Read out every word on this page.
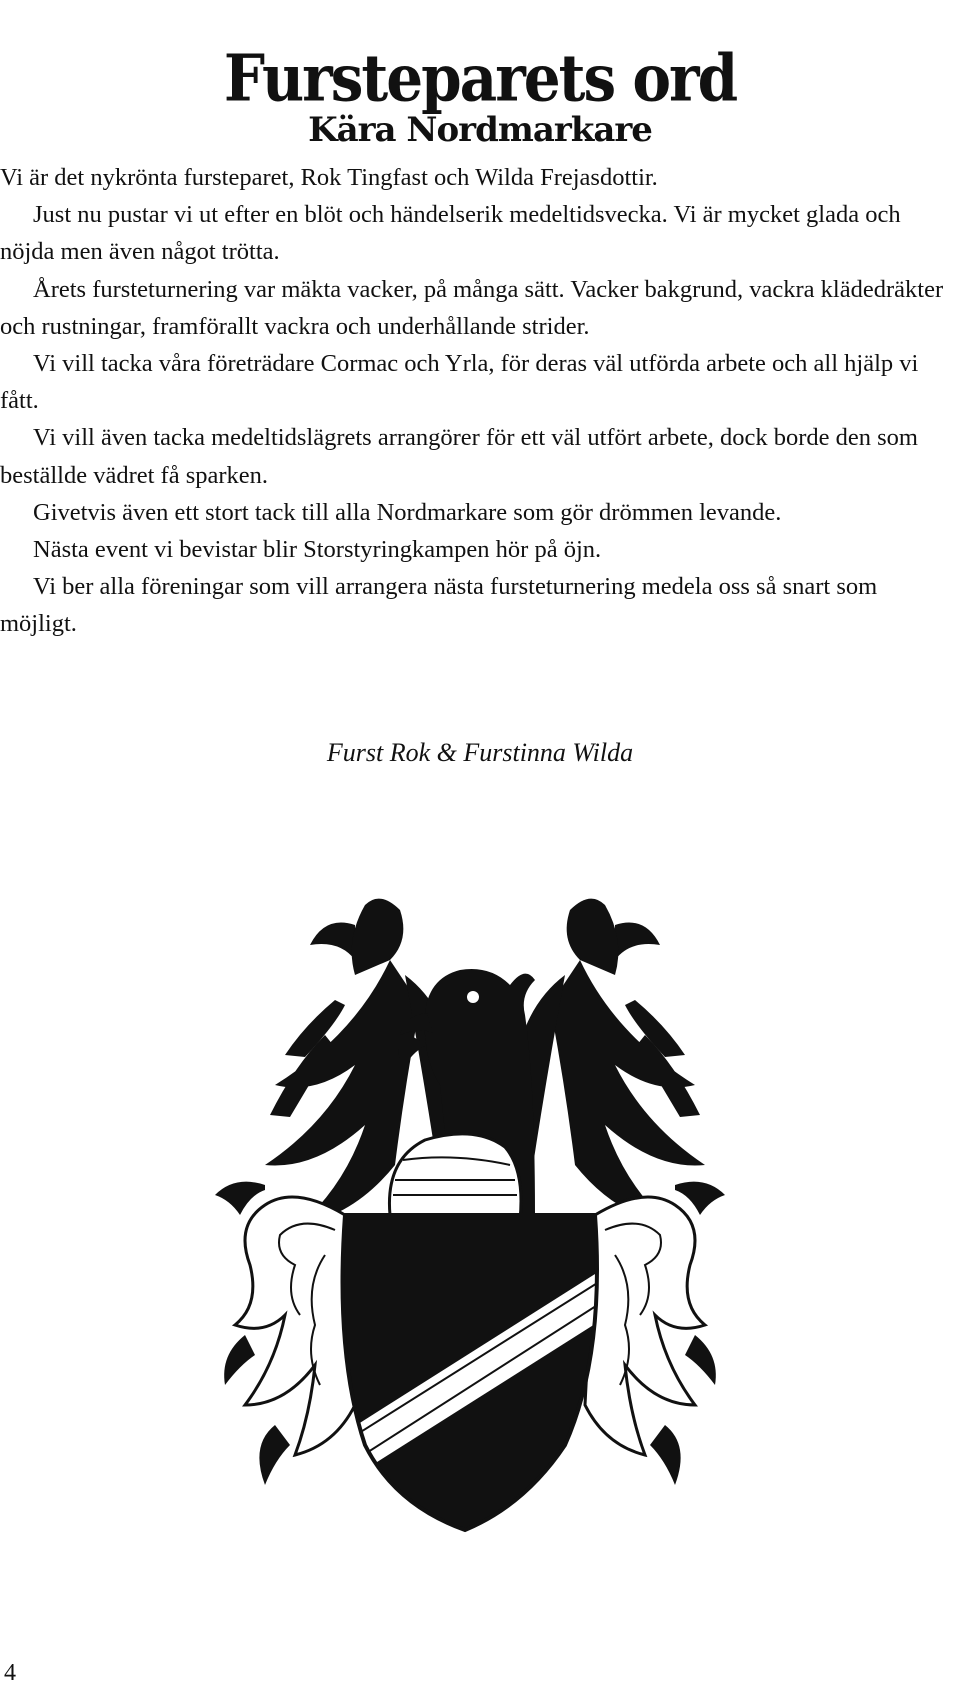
Fursteparets ord
Kära Nordmarkare
Vi är det nykrönta fursteparet, Rok Tingfast och Wilda Frejasdottir.
Just nu pustar vi ut efter en blöt och händelserik medeltidsvecka. Vi är mycket glada och nöjda men även något trötta.
Årets fursteturnering var mäkta vacker, på många sätt. Vacker bakgrund, vackra klädedräkter och rustningar, framförallt vackra och underhållande strider.
Vi vill tacka våra företrädare Cormac och Yrla, för deras väl utförda arbete och all hjälp vi fått.
Vi vill även tacka medeltidslägrets arrangörer för ett väl utfört arbete, dock borde den som beställde vädret få sparken.
Givetvis även ett stort tack till alla Nordmarkare som gör drömmen levande.
Nästa event vi bevistar blir Storstyringkampen hör på öjn.
Vi ber alla föreningar som vill arrangera nästa fursteturnering medela oss så snart som möjligt.
Furst Rok & Furstinna Wilda
4
